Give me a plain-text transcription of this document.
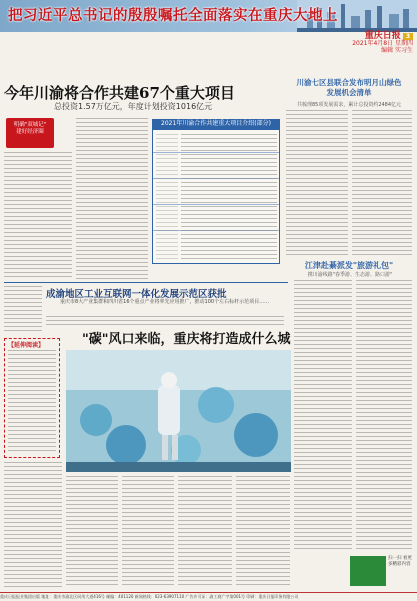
把习近平总书记的殷殷嘱托全面落实在重庆大地上
重庆日报 3
2021年4月8日 星期四
编辑 实习生
今年川渝将合作共建67个重大项目
总投资1.57万亿元，年度计划投资1016亿元
明确"双城记"
建好经济圈
2021年川渝合作共建重大项目介绍(部分)
川渝七区县联合发布明月山绿色发展机会清单
共梳理85项发展需求，累计总投资约2484亿元
江津赴綦派发"旅游礼包"
携川渝线路"春季游、生态游、路口游"
成渝地区工业互联网一体化发展示范区获批
重庆市8大产业集群和四川省16个重点产业将率先应用推广，推动100个左右标杆示范项目……
【延伸阅读】	"碳"风口来临，重庆将打造成什么城
扫一扫 看更多精彩内容
重庆日报报业集团出版 地址：重庆市渝北区同茂大道416号 邮编：401120 新闻热线：023-63907110 广告许可证：渝工商广字第001号 印刷：重庆日报印务有限公司
